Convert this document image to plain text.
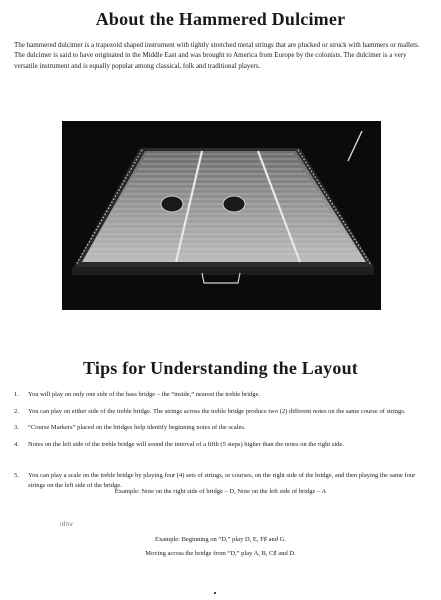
About the Hammered Dulcimer
The hammered dulcimer is a trapezoid shaped instrument with tightly stretched metal strings that are plucked or struck with hammers or mallets. The dulcimer is said to have originated in the Middle East and was brought to America from Europe by the colonists. The dulcimer is a very versatile instrument and is equally popular among classical, folk and traditional players.
Tips for Understanding the Layout
1. You will play on only one side of the bass bridge – the “inside,” nearest the treble bridge.
2. You can play on either side of the treble bridge. The strings across the treble bridge produce two (2) different notes on the same course of strings.
3. “Course Markers” placed on the bridges help identify beginning notes of the scales.
4. Notes on the left side of the treble bridge will sound the interval of a fifth (5 steps) higher than the notes on the right side.
5. You can play a scale on the treble bridge by playing four (4) sets of strings, or courses, on the right side of the bridge, and then playing the same four strings on the left side of the bridge.
Example: Note on the right side of bridge – D, Note on the left side of bridge – A
Example: Beginning on “D,” play D, E, F♯ and G.
Moving across the bridge from “D,” play A, B, C♯ and D.
idnv
